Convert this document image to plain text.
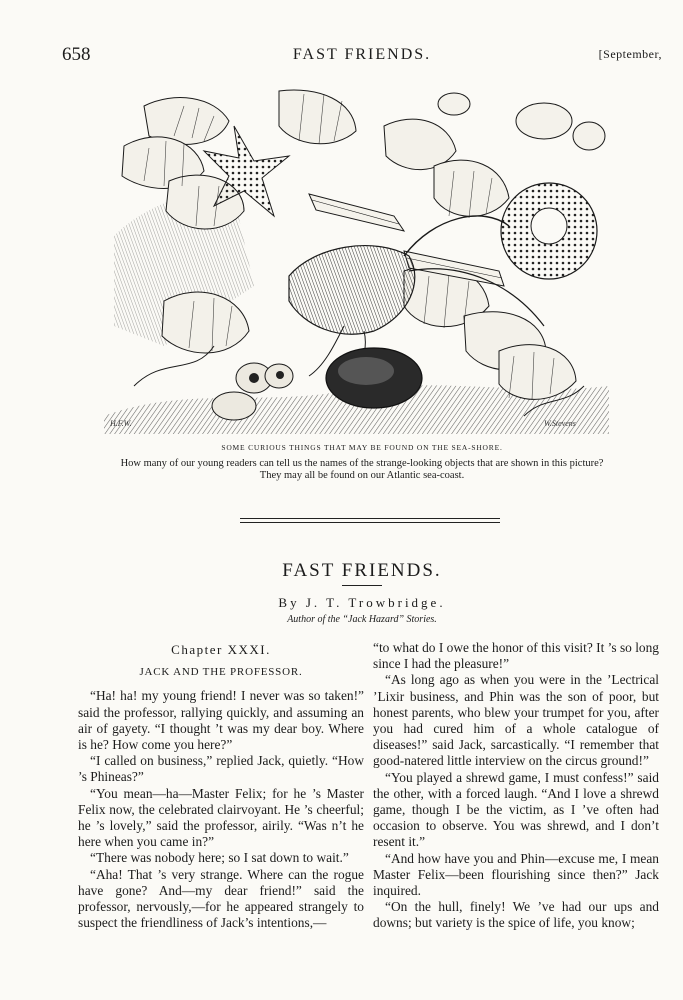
658	FAST FRIENDS.	[September,
H.F.W.	W.Stevens
SOME CURIOUS THINGS THAT MAY BE FOUND ON THE SEA-SHORE.
How many of our young readers can tell us the names of the strange-looking objects that are shown in this picture?
They may all be found on our Atlantic sea-coast.
FAST FRIENDS.
By J. T. Trowbridge.
Author of the “Jack Hazard” Stories.
Chapter XXXI.
JACK AND THE PROFESSOR.

“Ha! ha! my young friend! I never was so taken!” said the professor, rallying quickly, and assuming an air of gayety. “I thought ’t was my dear boy. Where is he? How come you here?”

“I called on business,” replied Jack, quietly. “How ’s Phineas?”

“You mean—ha—Master Felix; for he ’s Master Felix now, the celebrated clairvoyant. He ’s cheerful; he ’s lovely,” said the professor, airily. “Was n’t he here when you came in?”

“There was nobody here; so I sat down to wait.”

“Aha! That ’s very strange. Where can the rogue have gone? And—my dear friend!” said the professor, nervously,—for he appeared strangely to suspect the friendliness of Jack’s intentions,—

“to what do I owe the honor of this visit? It ’s so long since I had the pleasure!”

“As long ago as when you were in the ’Lectrical ’Lixir business, and Phin was the son of poor, but honest parents, who blew your trumpet for you, after you had cured him of a whole catalogue of diseases!” said Jack, sarcastically. “I remember that good-natered little interview on the circus ground!”

“You played a shrewd game, I must confess!” said the other, with a forced laugh. “And I love a shrewd game, though I be the victim, as I ’ve often had occasion to observe. You was shrewd, and I don’t resent it.”

“And how have you and Phin—excuse me, I mean Master Felix—been flourishing since then?” Jack inquired.

“On the hull, finely! We ’ve had our ups and downs; but variety is the spice of life, you know;
